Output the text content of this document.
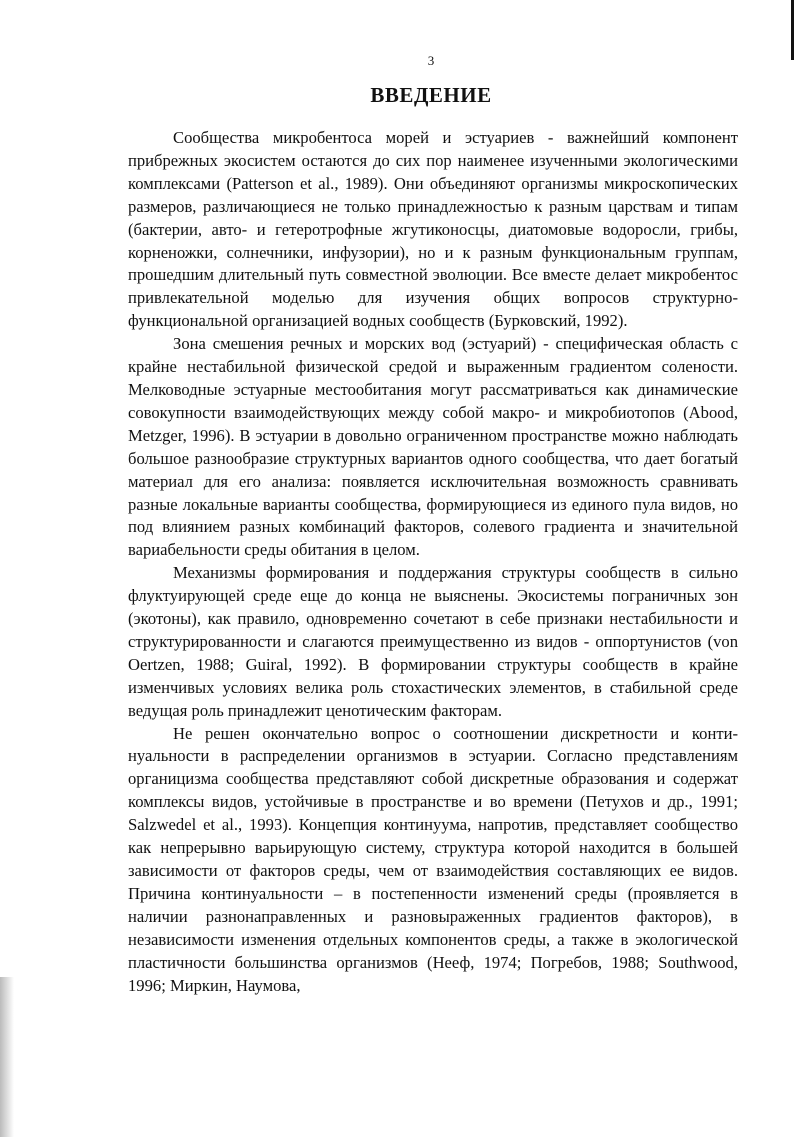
3
ВВЕДЕНИЕ

Сообщества микробентоса морей и эстуариев - важнейший компонент прибрежных экосистем остаются до сих пор наименее изученными экологическими комплексами (Patterson et al., 1989). Они объединяют организмы микроскопических размеров, различающиеся не только принадлежностью к разным царствам и типам (бактерии, авто- и гетеротрофные жгутиконосцы, диатомовые водоросли, грибы, корненожки, солнечники, инфузории), но и к разным функциональным группам, прошедшим длительный путь совместной эволюции. Все вместе делает микробентос привлекательной моделью для изучения общих вопросов структурно-функциональной организацией водных сообществ (Бурковский, 1992).

Зона смешения речных и морских вод (эстуарий) - специфическая область с крайне нестабильной физической средой и выраженным градиентом солености. Мелководные эстуарные местообитания могут рассматриваться как динамические совокупности взаимодействующих между собой макро- и микробиотопов (Abood, Metzger, 1996). В эстуарии в довольно ограниченном пространстве можно наблюдать большое разнообразие структурных вариантов одного сообщества, что дает богатый материал для его анализа: появляется исключительная возможность сравнивать разные локальные варианты сообщества, формирующиеся из единого пула видов, но под влиянием разных комбинаций факторов, солевого градиента и значительной вариабельности среды обитания в целом.

Механизмы формирования и поддержания структуры сообществ в сильно флуктуирующей среде еще до конца не выяснены. Экосистемы пограничных зон (экотоны), как правило, одновременно сочетают в себе признаки нестабильности и структурированности и слагаются преимущественно из видов - оппортунистов (von Oertzen, 1988; Guiral, 1992). В формировании структуры сообществ в крайне изменчивых условиях велика роль стохастических элементов, в стабильной среде ведущая роль принадлежит ценотическим факторам.

Не решен окончательно вопрос о соотношении дискретности и континуальности в распределении организмов в эстуарии. Согласно представлениям органицизма сообщества представляют собой дискретные образования и содержат комплексы видов, устойчивые в пространстве и во времени (Петухов и др., 1991; Salzwedel et al., 1993). Концепция континуума, напротив, представляет сообщество как непрерывно варьирующую систему, структура которой находится в большей зависимости от факторов среды, чем от взаимодействия составляющих ее видов. Причина континуальности – в постепенности изменений среды (проявляется в наличии разнонаправленных и разновыраженных градиентов факторов), в независимости изменения отдельных компонентов среды, а также в экологической пластичности большинства организмов (Нееф, 1974; Погребов, 1988; Southwood, 1996; Миркин, Наумова,
